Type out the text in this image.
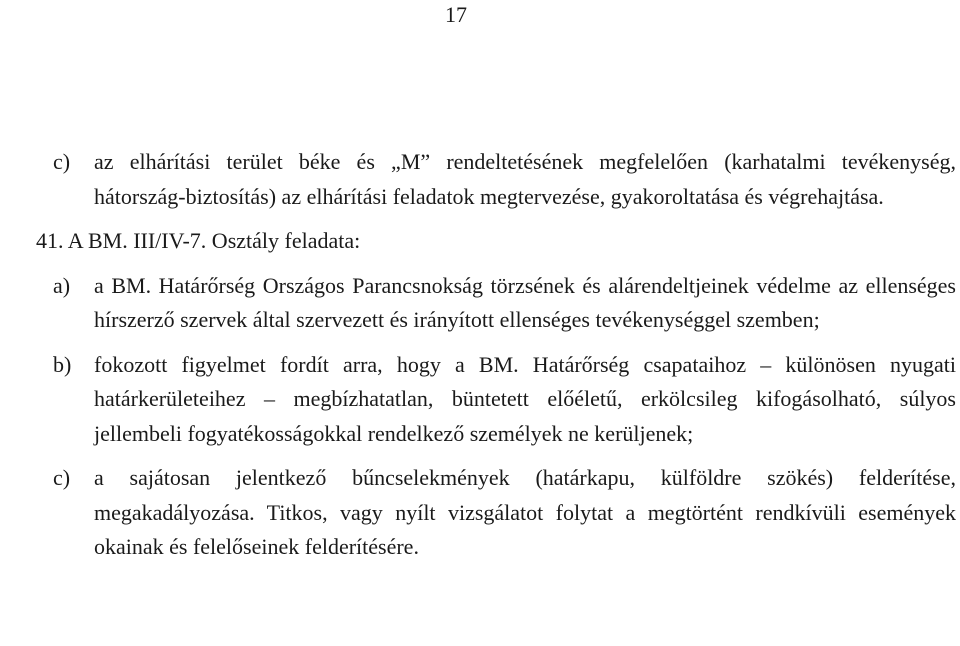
17

c) az elhárítási terület béke és „M” rendeltetésének megfelelően (karhatalmi tevékenység, hátország-biztosítás) az elhárítási feladatok megtervezése, gyakoroltatása és végrehajtása.

41. A BM. III/IV-7. Osztály feladata:

a) a BM. Határőrség Országos Parancsnokság törzsének és alárendeltjeinek védelme az ellenséges hírszerző szervek által szervezett és irányított ellenséges tevékenységgel szemben;

b) fokozott figyelmet fordít arra, hogy a BM. Határőrség csapataihoz – különösen nyugati határkerületeihez – megbízhatatlan, büntetett előéletű, erkölcsileg kifogásolható, súlyos jellembeli fogyatékosságokkal rendelkező személyek ne kerüljenek;

c) a sajátosan jelentkező bűncselekmények (határkapu, külföldre szökés) felderítése, megakadályozása. Titkos, vagy nyílt vizsgálatot folytat a megtörtént rendkívüli események okainak és felelőseinek felderítésére.
